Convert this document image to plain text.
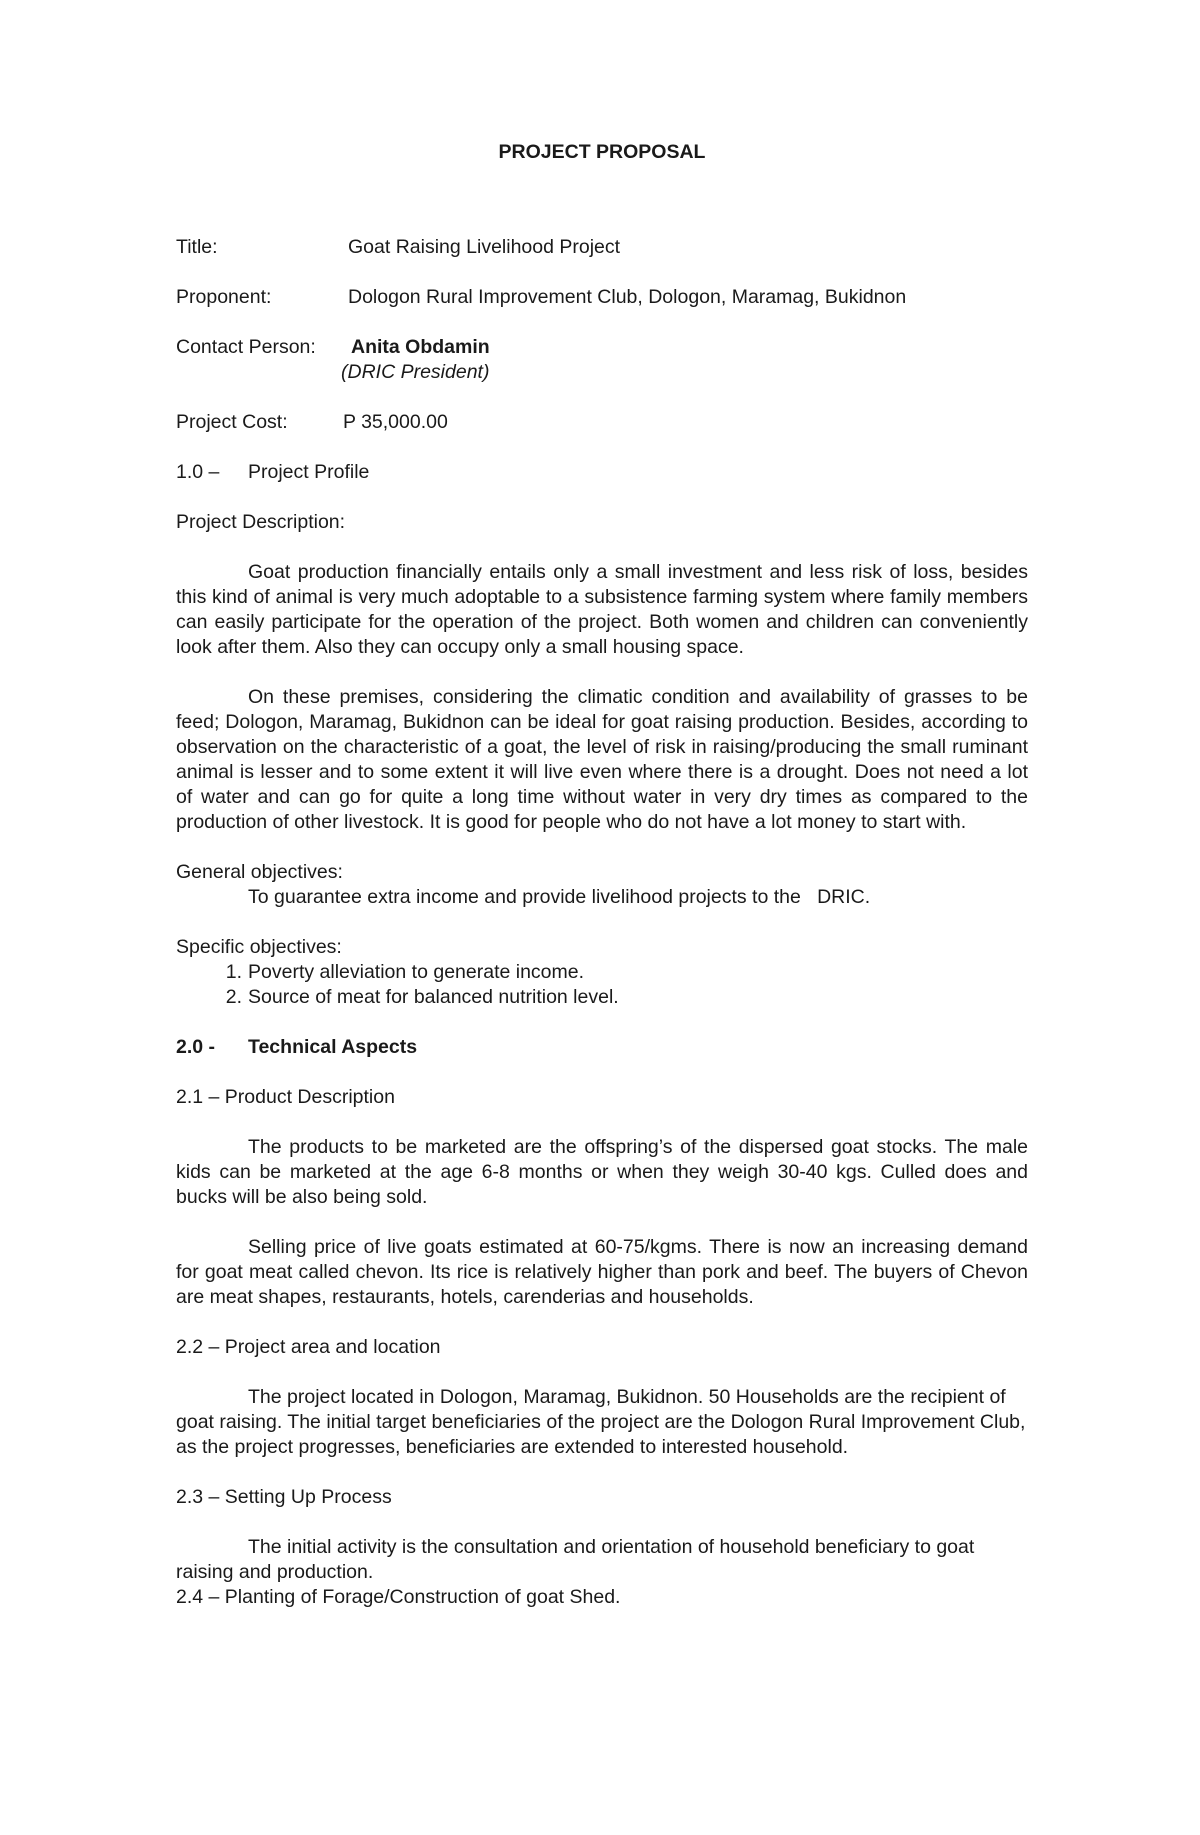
PROJECT PROPOSAL
Title:	Goat Raising Livelihood Project
Proponent:	Dologon Rural Improvement Club, Dologon, Maramag, Bukidnon
Contact Person:	Anita Obdamin
(DRIC President)
Project Cost:	P 35,000.00
1.0 – Project Profile
Project Description:

Goat production financially entails only a small investment and less risk of loss, besides this kind of animal is very much adoptable to a subsistence farming system where family members can easily participate for the operation of the project. Both women and children can conveniently look after them. Also they can occupy only a small housing space.

On these premises, considering the climatic condition and availability of grasses to be feed; Dologon, Maramag, Bukidnon can be ideal for goat raising production. Besides, according to observation on the characteristic of a goat, the level of risk in raising/producing the small ruminant animal is lesser and to some extent it will live even where there is a drought. Does not need a lot of water and can go for quite a long time without water in very dry times as compared to the production of other livestock. It is good for people who do not have a lot money to start with.

General objectives:
To guarantee extra income and provide livelihood projects to the   DRIC.
Specific objectives:
1. Poverty alleviation to generate income.
2. Source of meat for balanced nutrition level.
2.0 - Technical Aspects
2.1 – Product Description

The products to be marketed are the offspring’s of the dispersed goat stocks. The male kids can be marketed at the age 6-8 months or when they weigh 30-40 kgs. Culled does and bucks will be also being sold.

Selling price of live goats estimated at 60-75/kgms. There is now an increasing demand for goat meat called chevon. Its rice is relatively higher than pork and beef. The buyers of Chevon are meat shapes, restaurants, hotels, carenderias and households.

2.2 – Project area and location

The project located in Dologon, Maramag, Bukidnon. 50 Households are the recipient of goat raising. The initial target beneficiaries of the project are the Dologon Rural Improvement Club, as the project progresses, beneficiaries are extended to interested household.

2.3 – Setting Up Process

The initial activity is the consultation and orientation of household beneficiary to goat raising and production.

2.4 – Planting of Forage/Construction of goat Shed.
